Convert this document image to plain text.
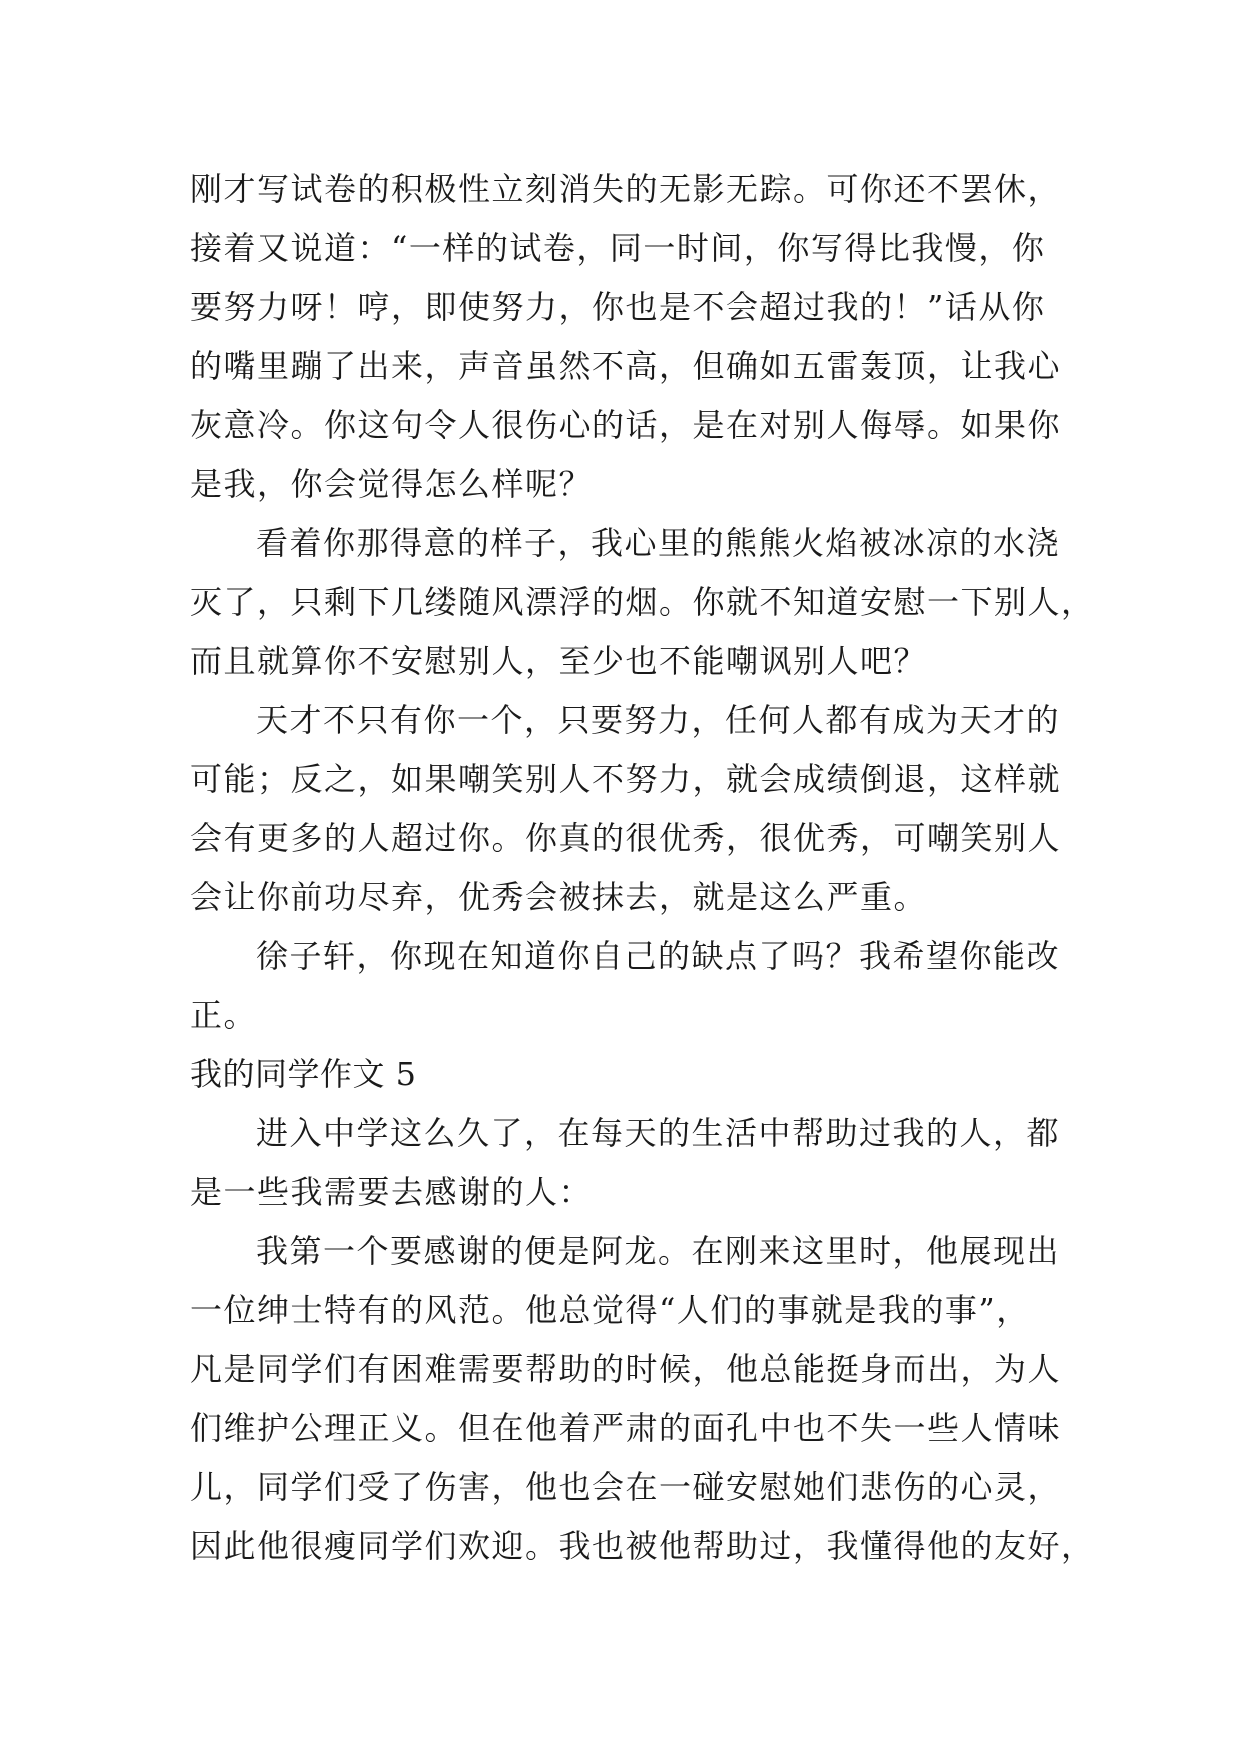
刚才写试卷的积极性立刻消失的无影无踪。可你还不罢休，
接着又说道：“一样的试卷，同一时间，你写得比我慢，你
要努力呀！哼，即使努力，你也是不会超过我的！”话从你
的嘴里蹦了出来，声音虽然不高，但确如五雷轰顶，让我心
灰意冷。你这句令人很伤心的话，是在对别人侮辱。如果你
是我，你会觉得怎么样呢？
看着你那得意的样子，我心里的熊熊火焰被冰凉的水浇
灭了，只剩下几缕随风漂浮的烟。你就不知道安慰一下别人，
而且就算你不安慰别人，至少也不能嘲讽别人吧？
天才不只有你一个，只要努力，任何人都有成为天才的
可能；反之，如果嘲笑别人不努力，就会成绩倒退，这样就
会有更多的人超过你。你真的很优秀，很优秀，可嘲笑别人
会让你前功尽弃，优秀会被抹去，就是这么严重。
徐子轩，你现在知道你自己的缺点了吗？我希望你能改
正。
我的同学作文 5
进入中学这么久了，在每天的生活中帮助过我的人，都
是一些我需要去感谢的人：
我第一个要感谢的便是阿龙。在刚来这里时，他展现出
一位绅士特有的风范。他总觉得“人们的事就是我的事”，
凡是同学们有困难需要帮助的时候，他总能挺身而出，为人
们维护公理正义。但在他着严肃的面孔中也不失一些人情味
儿，同学们受了伤害，他也会在一碰安慰她们悲伤的心灵，
因此他很瘦同学们欢迎。我也被他帮助过，我懂得他的友好，
